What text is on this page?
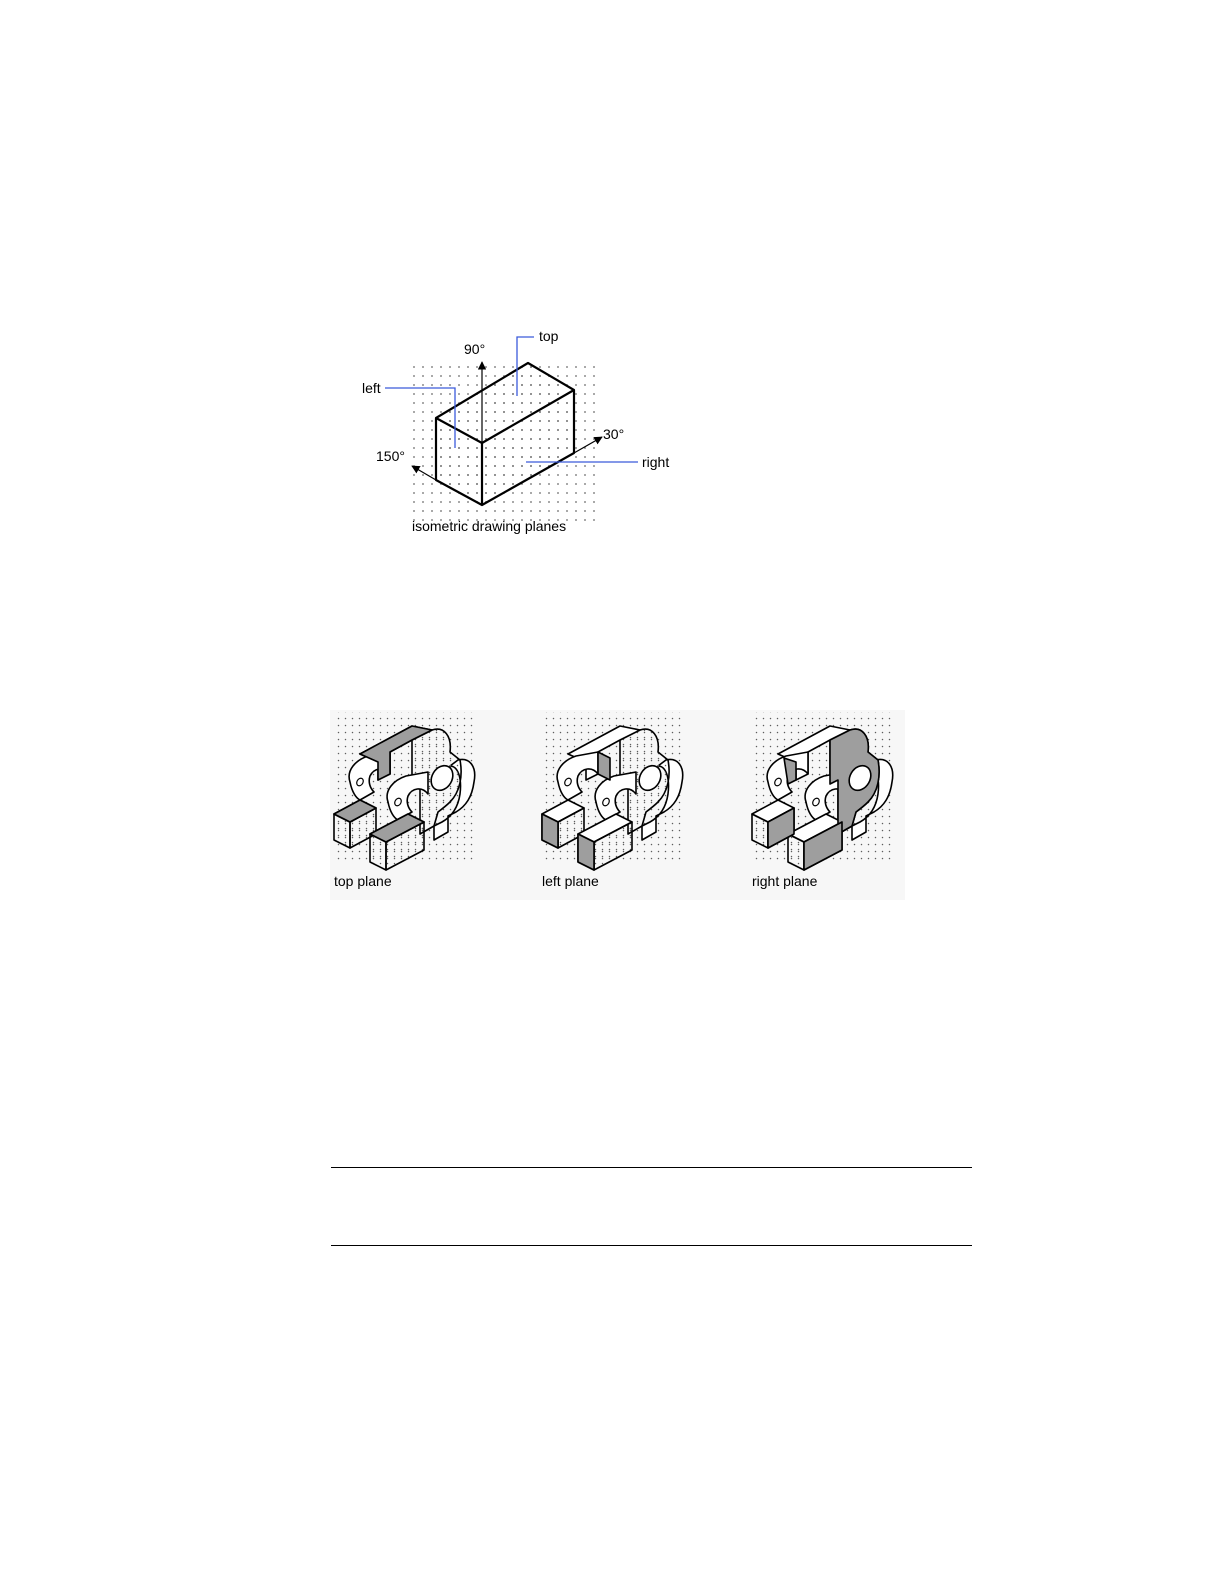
90°
top
left
30°
150°	right
isometric drawing planes
top plane	left plane	right plane
